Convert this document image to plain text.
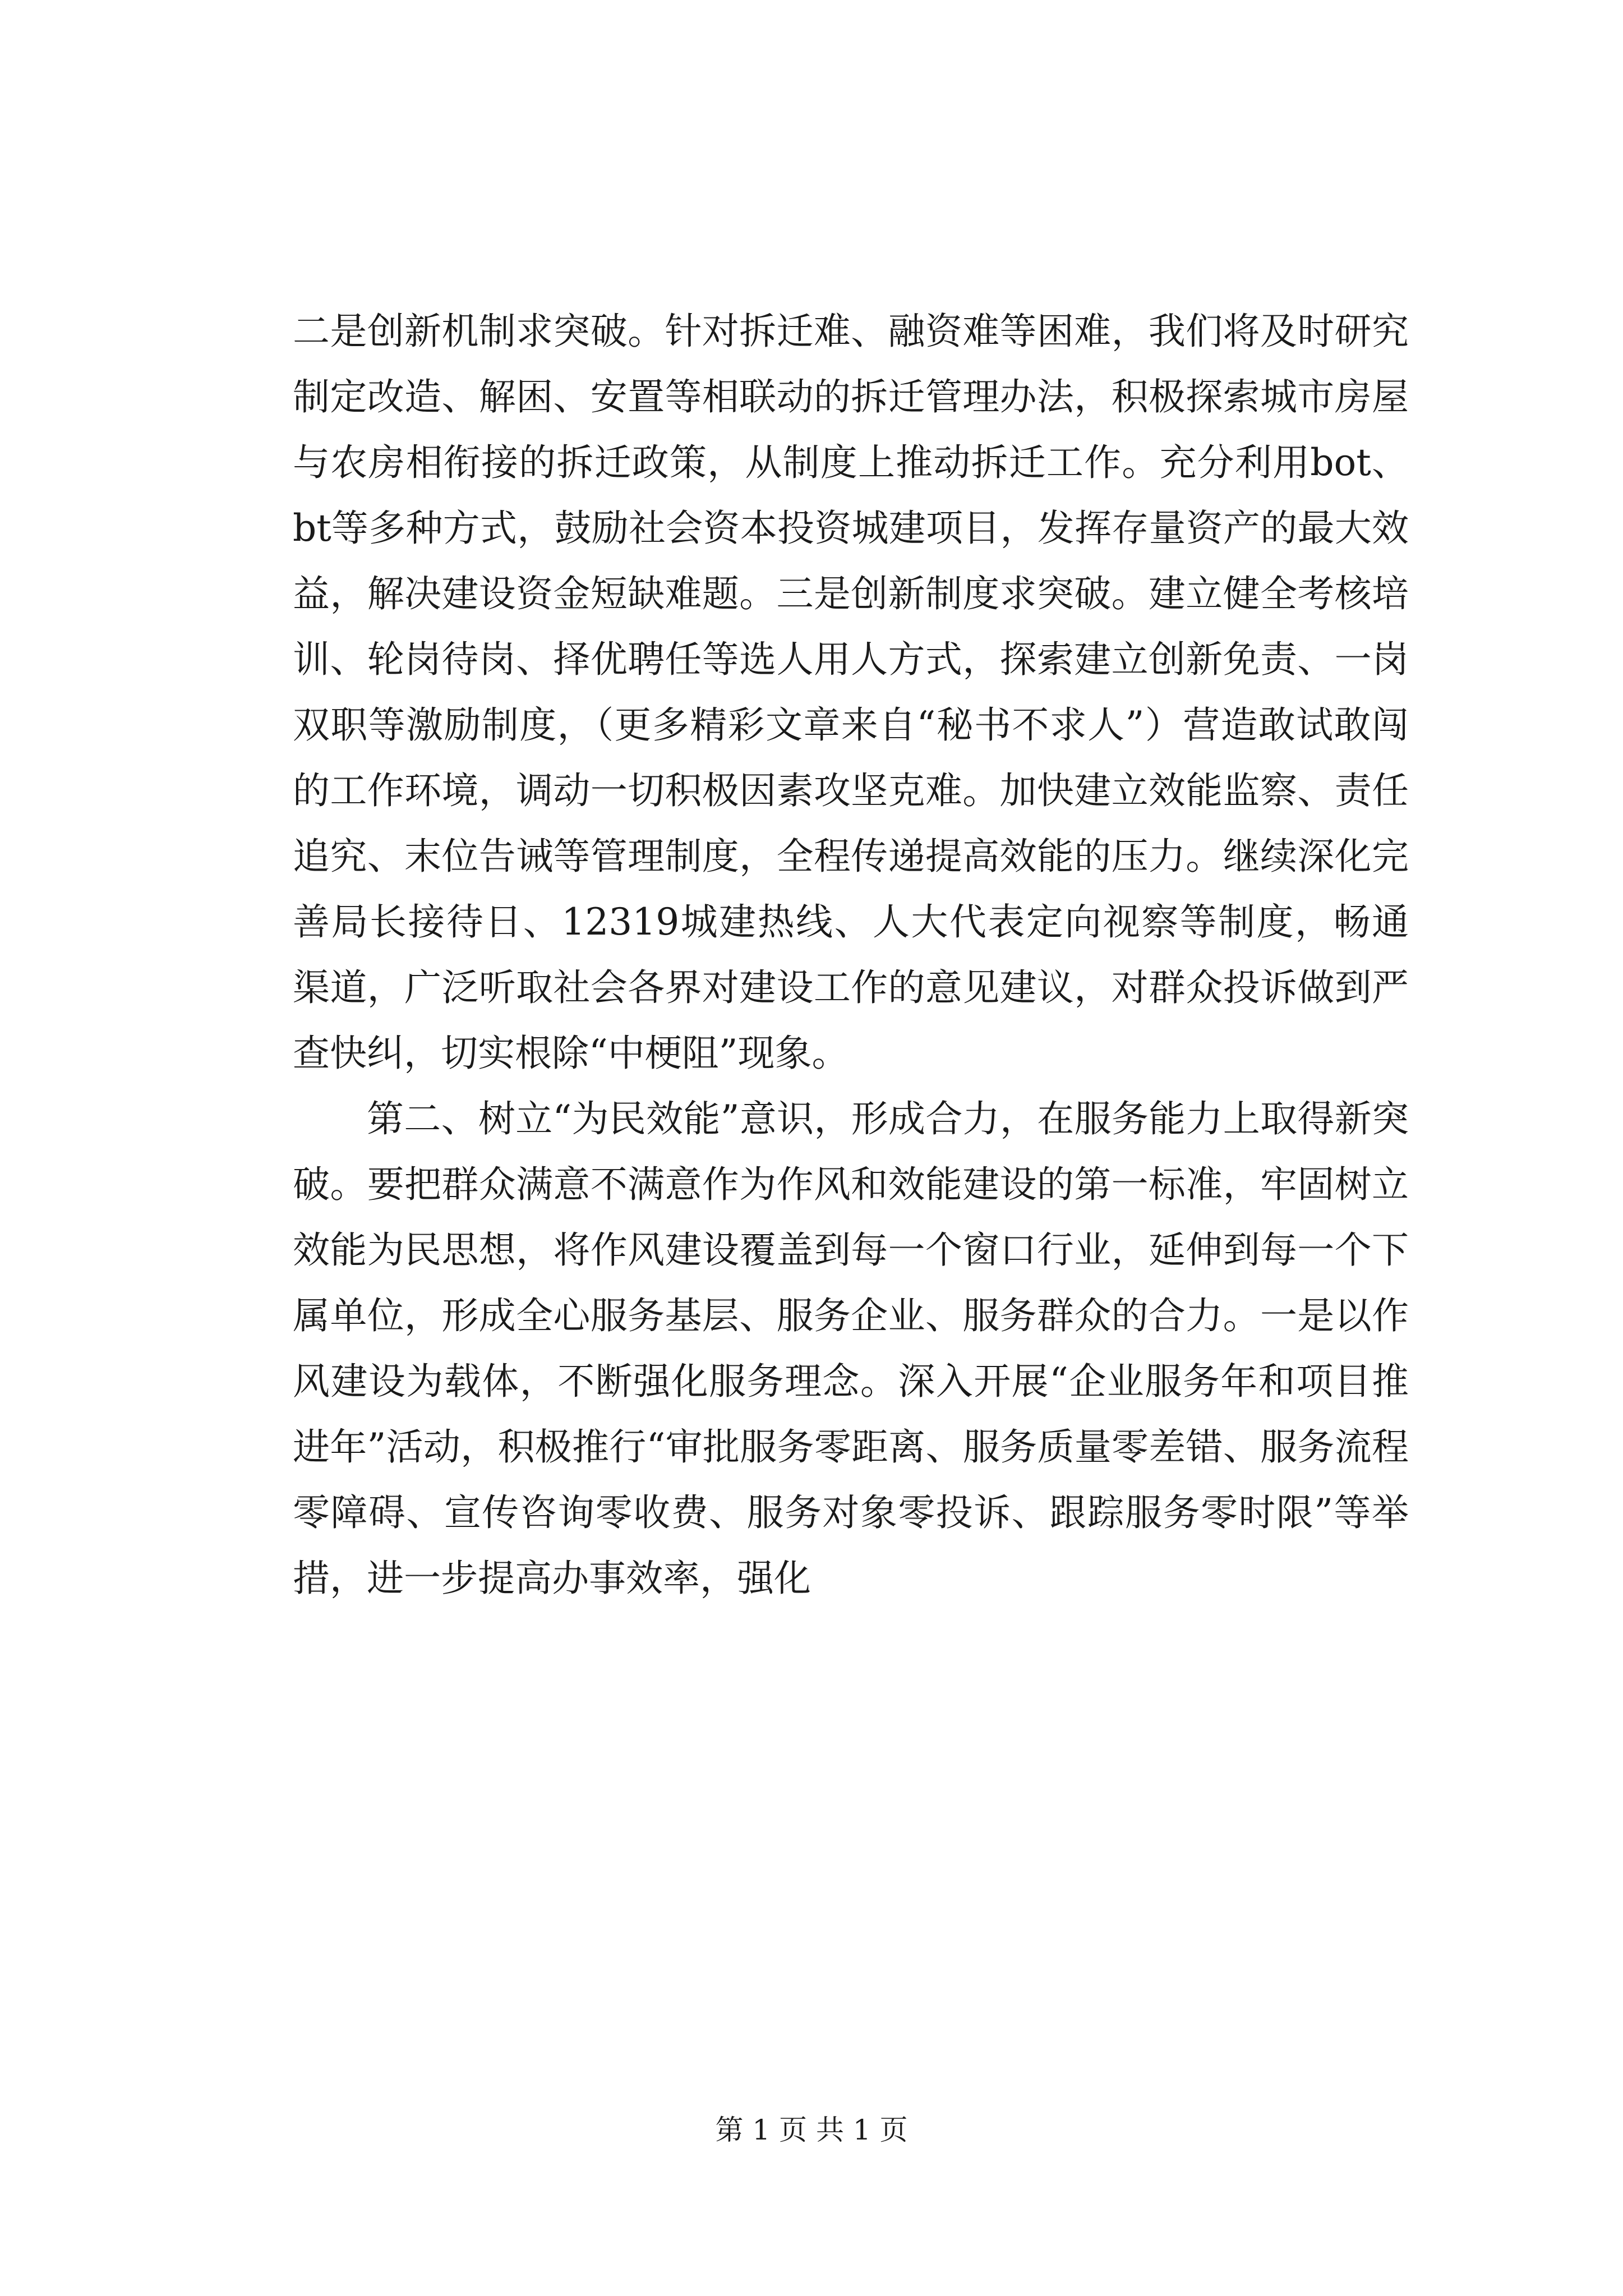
二是创新机制求突破。针对拆迁难、融资难等困难，我们将及时研究制定改造、解困、安置等相联动的拆迁管理办法，积极探索城市房屋与农房相衔接的拆迁政策，从制度上推动拆迁工作。充分利用bot、bt等多种方式，鼓励社会资本投资城建项目，发挥存量资产的最大效益，解决建设资金短缺难题。三是创新制度求突破。建立健全考核培训、轮岗待岗、择优聘任等选人用人方式，探索建立创新免责、一岗双职等激励制度，（更多精彩文章来自“秘书不求人”）营造敢试敢闯的工作环境，调动一切积极因素攻坚克难。加快建立效能监察、责任追究、末位告诫等管理制度，全程传递提高效能的压力。继续深化完善局长接待日、12319城建热线、人大代表定向视察等制度，畅通渠道，广泛听取社会各界对建设工作的意见建议，对群众投诉做到严查快纠，切实根除“中梗阻”现象。

第二、树立“为民效能”意识，形成合力，在服务能力上取得新突破。要把群众满意不满意作为作风和效能建设的第一标准，牢固树立效能为民思想，将作风建设覆盖到每一个窗口行业，延伸到每一个下属单位，形成全心服务基层、服务企业、服务群众的合力。一是以作风建设为载体，不断强化服务理念。深入开展“企业服务年和项目推进年”活动，积极推行“审批服务零距离、服务质量零差错、服务流程零障碍、宣传咨询零收费、服务对象零投诉、跟踪服务零时限”等举措，进一步提高办事效率，强化

第 1 页 共 1 页
